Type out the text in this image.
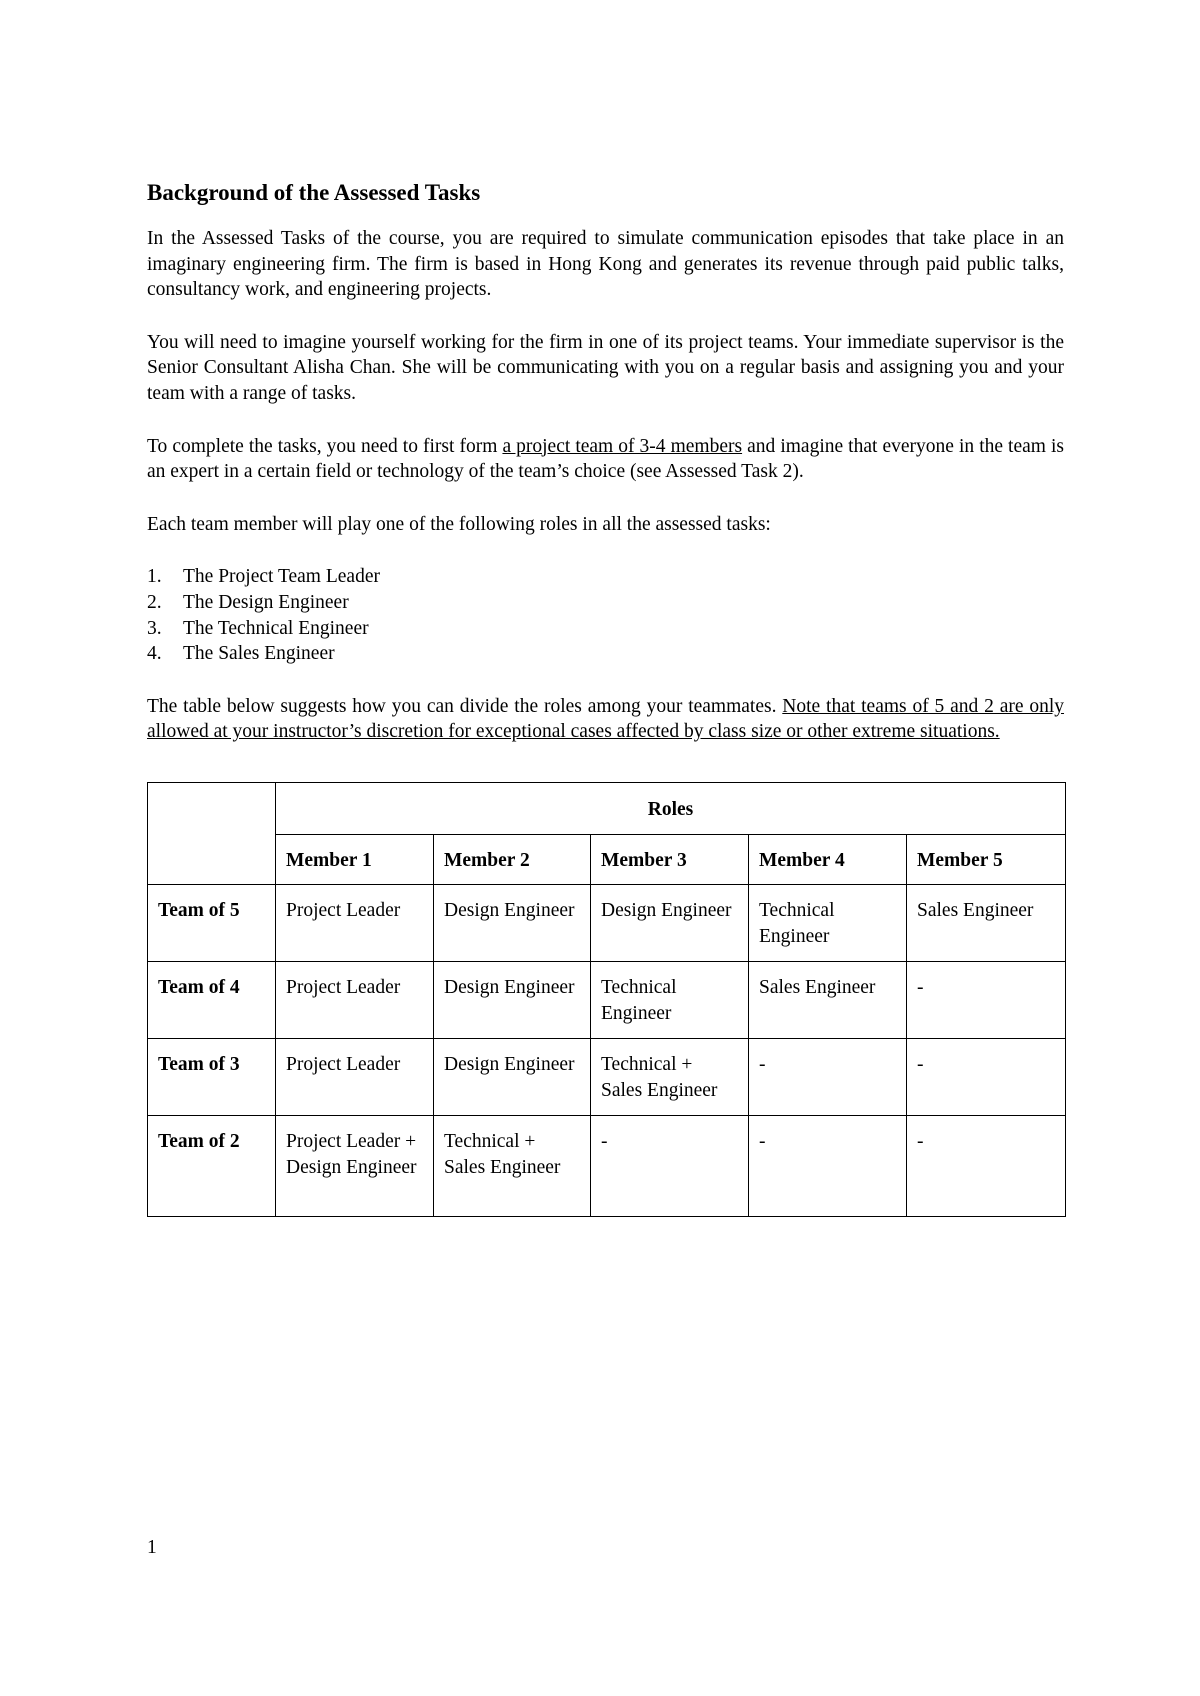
Background of the Assessed Tasks

In the Assessed Tasks of the course, you are required to simulate communication episodes that take place in an imaginary engineering firm. The firm is based in Hong Kong and generates its revenue through paid public talks, consultancy work, and engineering projects.

You will need to imagine yourself working for the firm in one of its project teams. Your immediate supervisor is the Senior Consultant Alisha Chan. She will be communicating with you on a regular basis and assigning you and your team with a range of tasks.

To complete the tasks, you need to first form a project team of 3-4 members and imagine that everyone in the team is an expert in a certain field or technology of the team’s choice (see Assessed Task 2).

Each team member will play one of the following roles in all the assessed tasks:

1.	The Project Team Leader
2.	The Design Engineer
3.	The Technical Engineer
4.	The Sales Engineer

The table below suggests how you can divide the roles among your teammates. Note that teams of 5 and 2 are only allowed at your instructor’s discretion for exceptional cases affected by class size or other extreme situations.

	Roles				
	Member 1	Member 2	Member 3	Member 4	Member 5
Team of 5	Project Leader	Design Engineer	Design Engineer	Technical Engineer	Sales Engineer
Team of 4	Project Leader	Design Engineer	Technical Engineer	Sales Engineer	-
Team of 3	Project Leader	Design Engineer	Technical + Sales Engineer	-	-
Team of 2	Project Leader + Design Engineer	Technical + Sales Engineer	-	-	-
1
